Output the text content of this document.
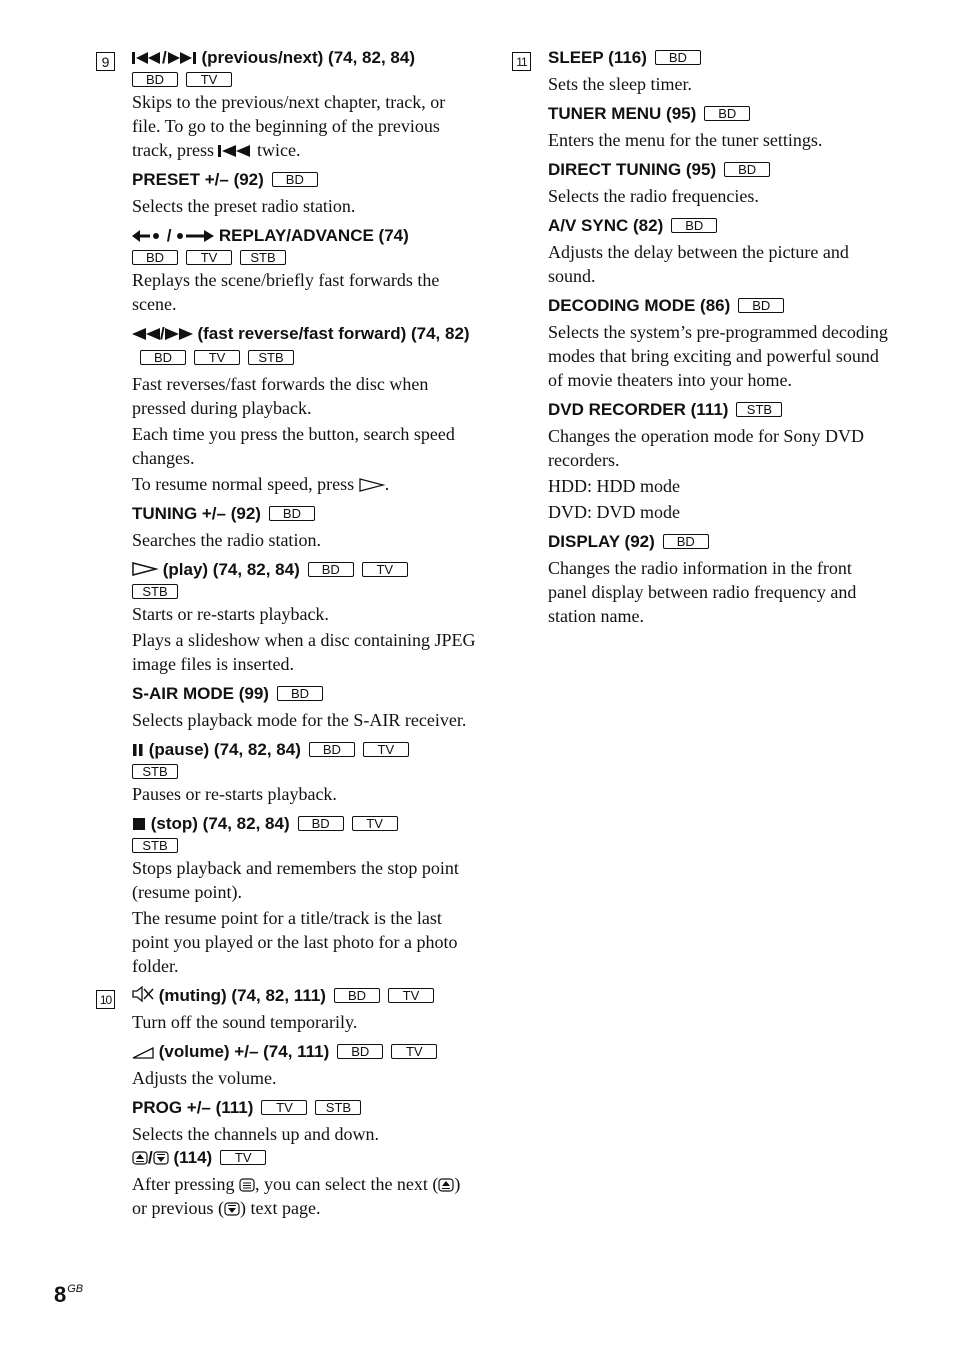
9	/ (previous/next) (74, 82, 84)
BD	TV

Skips to the previous/next chapter, track, or file. To go to the beginning of the previous track, press twice.

PRESET +/– (92) BD

Selects the preset radio station.

/	REPLAY/ADVANCE (74)
BD	TV	STB

Replays the scene/briefly fast forwards the scene.

/ (fast reverse/fast forward) (74, 82)BD	TV	STB

Fast reverses/fast forwards the disc when pressed during playback.

Each time you press the button, search speed changes.

To resume normal speed, press .

TUNING +/– (92) BD

Searches the radio station.

(play) (74, 82, 84) BD	TV
STB

Starts or re-starts playback.

Plays a slideshow when a disc containing JPEG image files is inserted.

S-AIR MODE (99) BD

Selects playback mode for the S-AIR receiver.

(pause) (74, 82, 84) BD	TV
STB

Pauses or re-starts playback.

(stop) (74, 82, 84) BD	TV
STB

Stops playback and remembers the stop point (resume point).

The resume point for a title/track is the last point you played or the last photo for a photo folder.

10	(muting) (74, 82, 111) BD	TV

Turn off the sound temporarily.

(volume) +/– (74, 111) BD	TV

Adjusts the volume.

PROG +/– (111) TV	STB

Selects the channels up and down.

/ (114) TV

After pressing , you can select the next ( ) or previous ( ) text page.

11 SLEEP (116) BD

Sets the sleep timer.

TUNER MENU (95) BD

Enters the menu for the tuner settings.

DIRECT TUNING (95) BD

Selects the radio frequencies.

A/V SYNC (82) BD

Adjusts the delay between the picture and sound.

DECODING MODE (86) BD

Selects the system’s pre-programmed decoding modes that bring exciting and powerful sound of movie theaters into your home.

DVD RECORDER (111) STB

Changes the operation mode for Sony DVD recorders.

HDD: HDD mode

DVD: DVD mode

DISPLAY (92) BD

Changes the radio information in the front panel display between radio frequency and station name.

$8^{GB}$
